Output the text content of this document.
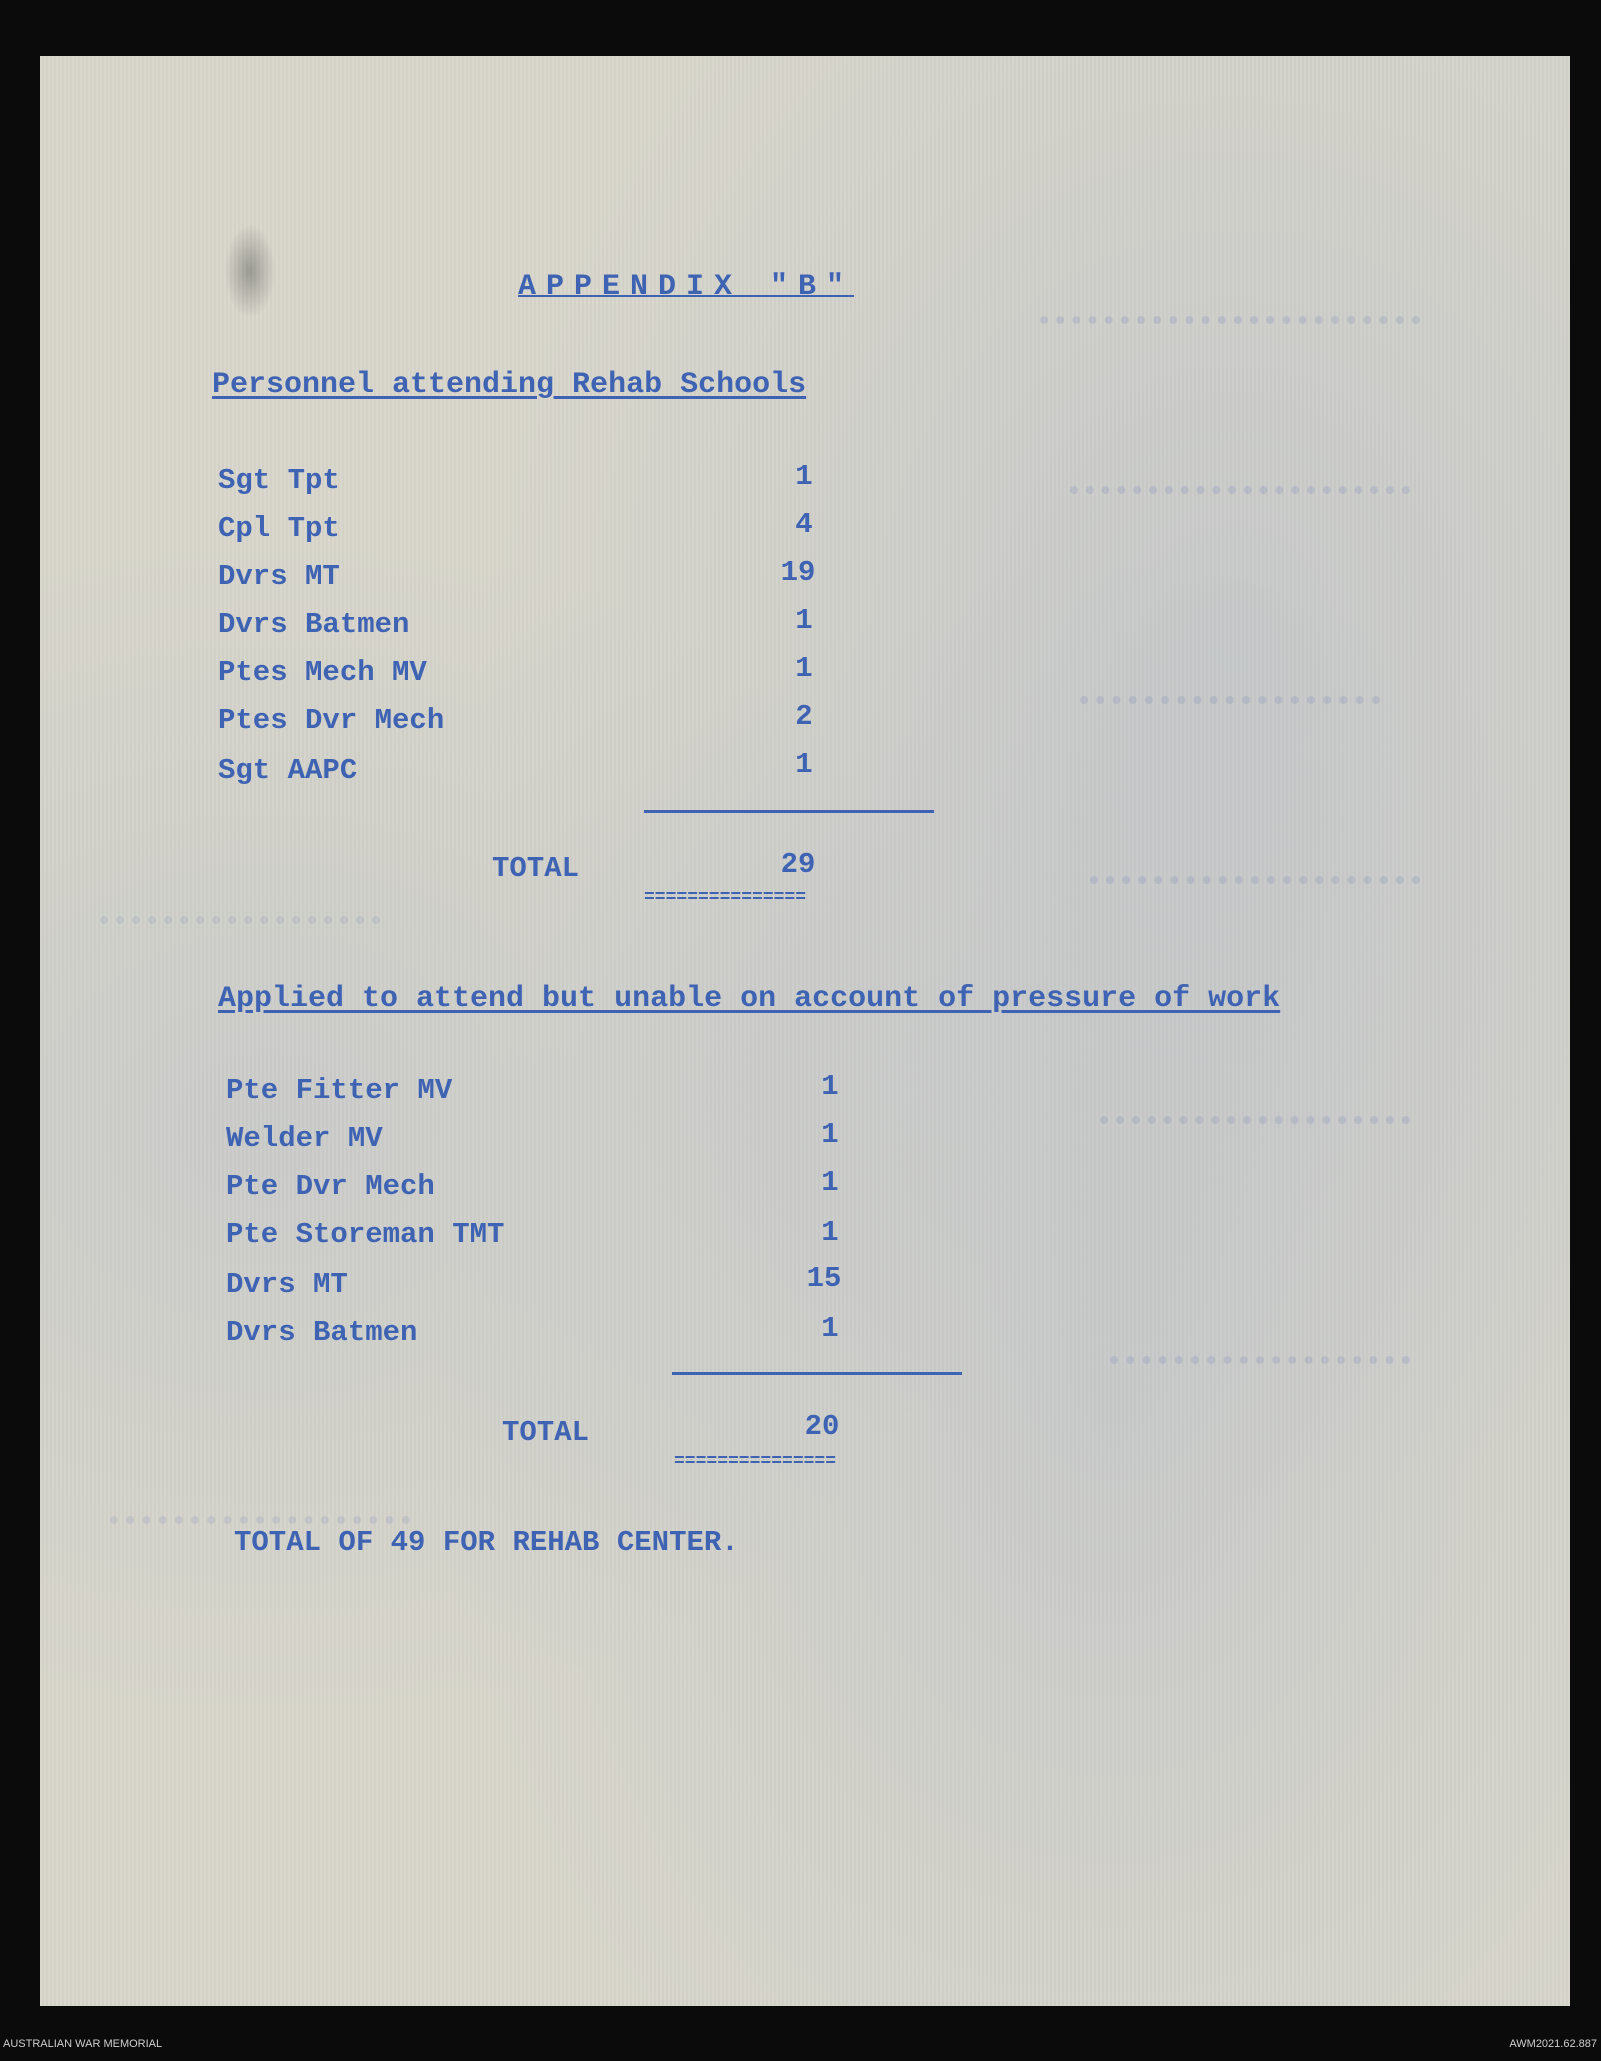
APPENDIX "B"
Personnel attending Rehab Schools
Sgt Tpt	1
Cpl Tpt	4
Dvrs MT	19
Dvrs Batmen	1
Ptes Mech MV	1
Ptes Dvr Mech	2
Sgt AAPC	1
TOTAL	29
===============
Applied to attend but unable on account of pressure of work
Pte Fitter MV	1
Welder MV	1
Pte Dvr Mech	1
Pte Storeman TMT	1
Dvrs MT	15
Dvrs Batmen	1
TOTAL	20
===============
TOTAL OF 49 FOR REHAB CENTER.
AUSTRALIAN WAR MEMORIAL	AWM2021.62.887
